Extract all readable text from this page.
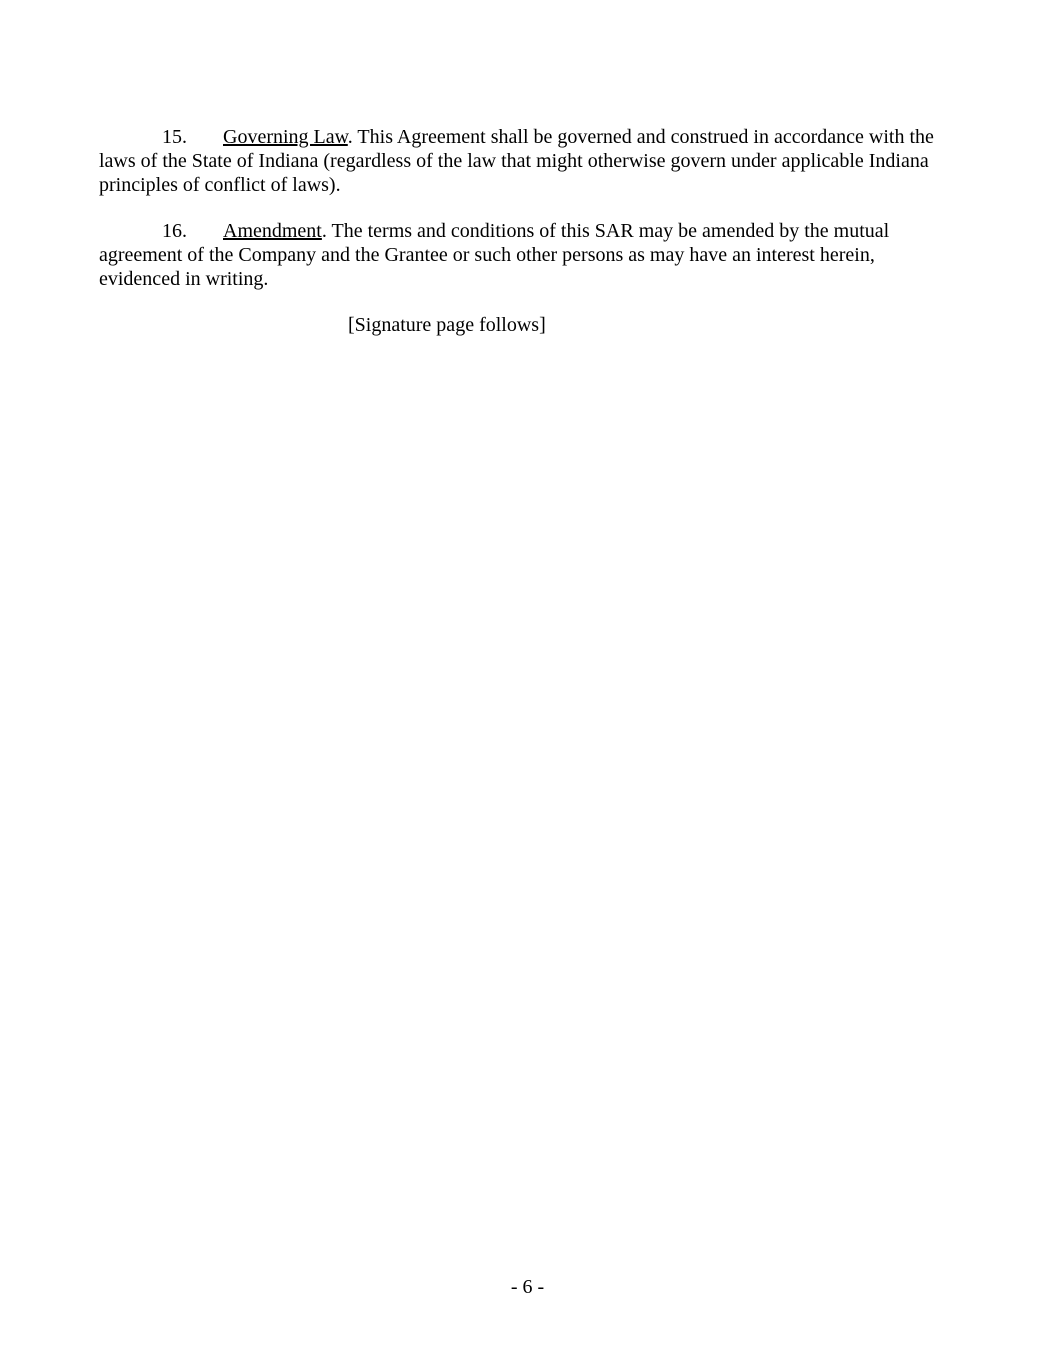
15. Governing Law. This Agreement shall be governed and construed in accordance with the
laws of the State of Indiana (regardless of the law that might otherwise govern under applicable Indiana
principles of conflict of laws).
16. Amendment. The terms and conditions of this SAR may be amended by the mutual
agreement of the Company and the Grantee or such other persons as may have an interest herein,
evidenced in writing.
[Signature page follows]
- 6 -
